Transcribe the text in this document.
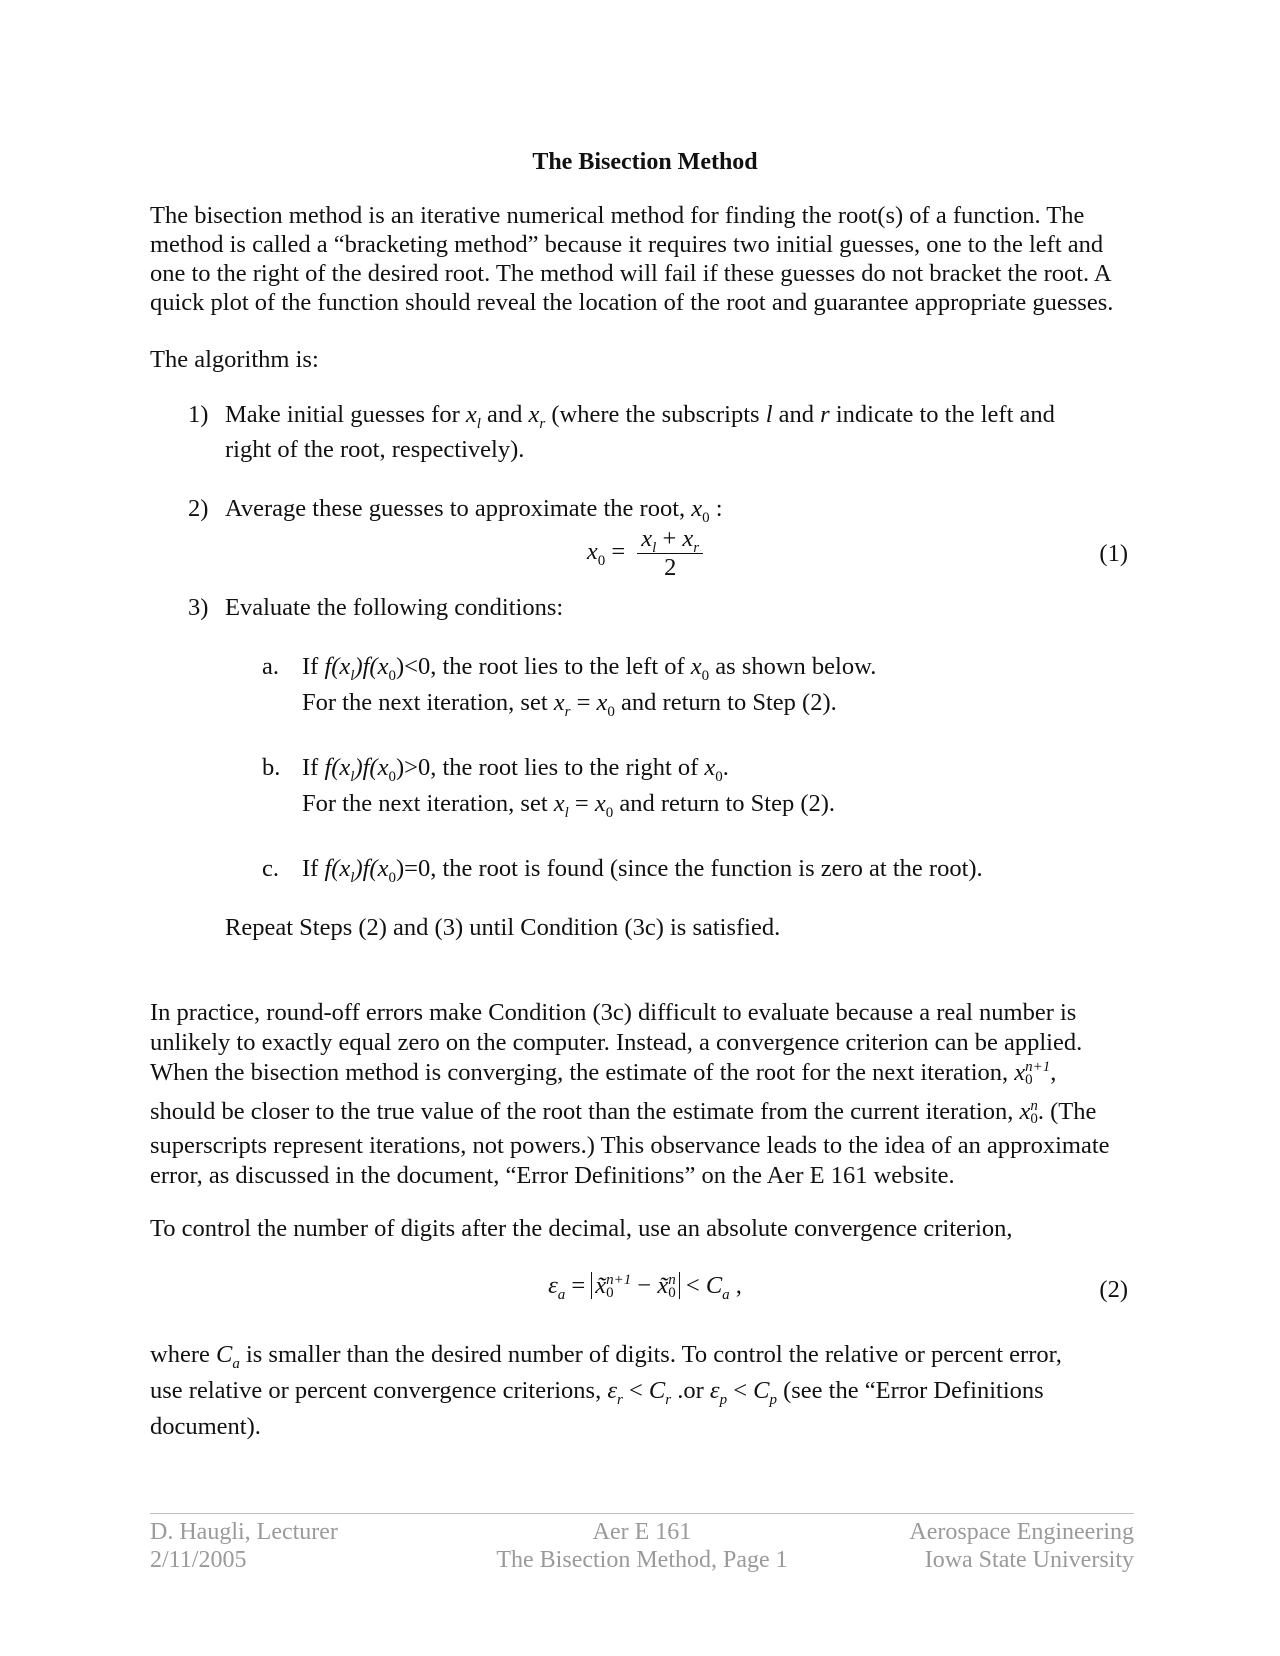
The Bisection Method

The bisection method is an iterative numerical method for finding the root(s) of a function. The method is called a “bracketing method” because it requires two initial guesses, one to the left and one to the right of the desired root. The method will fail if these guesses do not bracket the root. A quick plot of the function should reveal the location of the root and guarantee appropriate guesses.

The algorithm is:

1) Make initial guesses for $x_l$ and $x_r$ (where the subscripts l and r indicate to the left and
right of the root, respectively).
2) Average these guesses to approximate the root, $x_0$ :
$x_0 = \frac{x_l + x_r}{2}$	(1)
3) Evaluate the following conditions:
a. If $f(x_l)f(x_0)<0$, the root lies to the left of $x_0$ as shown below.
For the next iteration, set $x_r = x_0$ and return to Step (2).
b. If $f(x_l)f(x_0)>0$, the root lies to the right of $x_0$.
For the next iteration, set $x_l = x_0$ and return to Step (2).
c. If $f(x_l)f(x_0)=0$, the root is found (since the function is zero at the root).

Repeat Steps (2) and (3) until Condition (3c) is satisfied.

In practice, round-off errors make Condition (3c) difficult to evaluate because a real number is
unlikely to exactly equal zero on the computer. Instead, a convergence criterion can be applied.
When the bisection method is converging, the estimate of the root for the next iteration, x n+1
0 ,
should be closer to the true value of the root than the estimate from the current iteration, x n
0 . (The
superscripts represent iterations, not powers.) This observance leads to the idea of an approximate
error, as discussed in the document, “Error Definitions” on the Aer E 161 website.

To control the number of digits after the decimal, use an absolute convergence criterion,

$\varepsilon_a$ = x̃ n+1
0 − x̃ n
$0 < C_a$ ,	(2)

where $C_a$ is smaller than the desired number of digits. To control the relative or percent error,
use relative or percent convergence criterions, $\varepsilon_r < C_r$ .or $\varepsilon_p < C_p$ (see the “Error Definitions
document).

D. Haugli, Lecturer
2/11/2005
Aer E 161
The Bisection Method, Page 1
Aerospace Engineering
Iowa State University
